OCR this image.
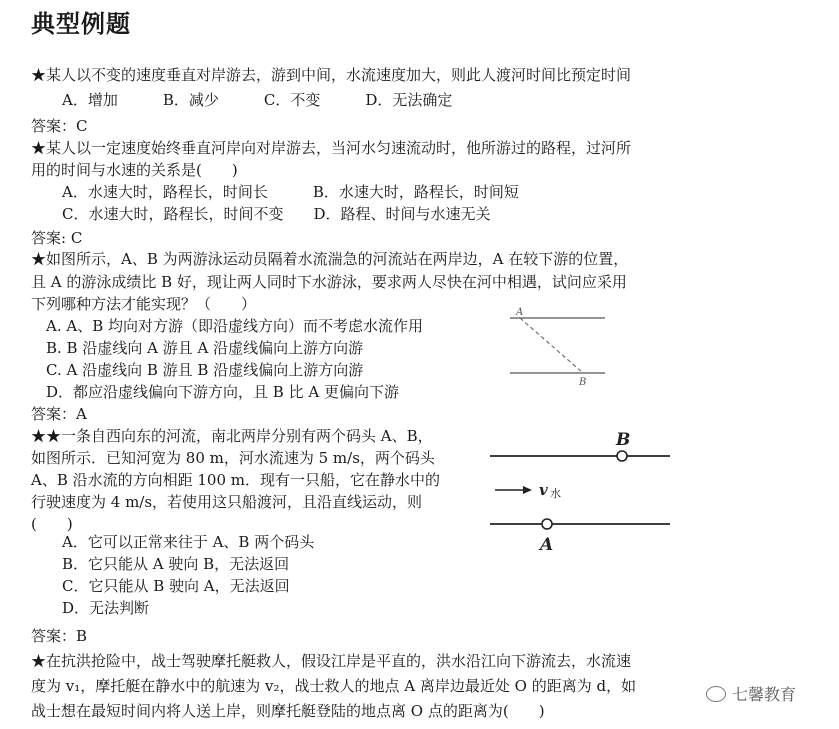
典型例题
★某人以不变的速度垂直对岸游去，游到中间，水流速度加大，则此人渡河时间比预定时间
A．增加　　　B．减少　　　C．不变　　　D．无法确定
答案：C
★某人以一定速度始终垂直河岸向对岸游去，当河水匀速流动时，他所游过的路程，过河所
用的时间与水速的关系是(　　)
A．水速大时，路程长，时间长　　　B．水速大时，路程长，时间短
C．水速大时，路程长，时间不变　　D．路程、时间与水速无关
答案: C
★如图所示，A、B 为两游泳运动员隔着水流湍急的河流站在两岸边，A 在较下游的位置，
且 A 的游泳成绩比 B 好，现让两人同时下水游泳，要求两人尽快在河中相遇，试问应采用
下列哪种方法才能实现？（　　）
A. A、B 均向对方游（即沿虚线方向）而不考虑水流作用
B. B 沿虚线向 A 游且 A 沿虚线偏向上游方向游
C. A 沿虚线向 B 游且 B 沿虚线偏向上游方向游
D．都应沿虚线偏向下游方向，且 B 比 A 更偏向下游
答案：A
A
B
★★一条自西向东的河流，南北两岸分别有两个码头 A、B，
如图所示．已知河宽为 80 m，河水流速为 5 m/s，两个码头
A、B 沿水流的方向相距 100 m．现有一只船，它在静水中的
行驶速度为 4 m/s，若使用这只船渡河，且沿直线运动，则
(　　)
A．它可以正常来往于 A、B 两个码头
B．它只能从 A 驶向 B，无法返回
C．它只能从 B 驶向 A，无法返回
D．无法判断
答案：B
B
A
v 水
★在抗洪抢险中，战士驾驶摩托艇救人，假设江岸是平直的，洪水沿江向下游流去，水流速
度为 v₁，摩托艇在静水中的航速为 v₂，战士救人的地点 A 离岸边最近处 O 的距离为 d，如
战士想在最短时间内将人送上岸，则摩托艇登陆的地点离 O 点的距离为(　　)
七馨教育
